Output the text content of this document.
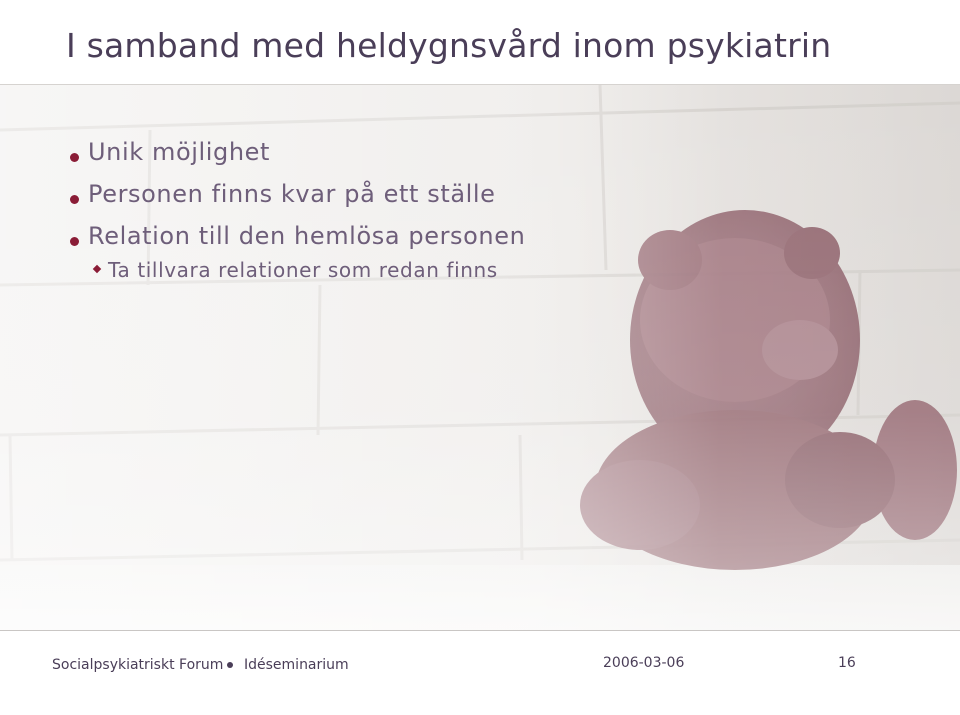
I samband med heldygnsvård inom psykiatrin
Unik möjlighet
Personen finns kvar på ett ställe
Relation till den hemlösa personen
Ta tillvara relationer som redan finns
Socialpsykiatriskt Forum Idéseminarium	2006-03-06	16
